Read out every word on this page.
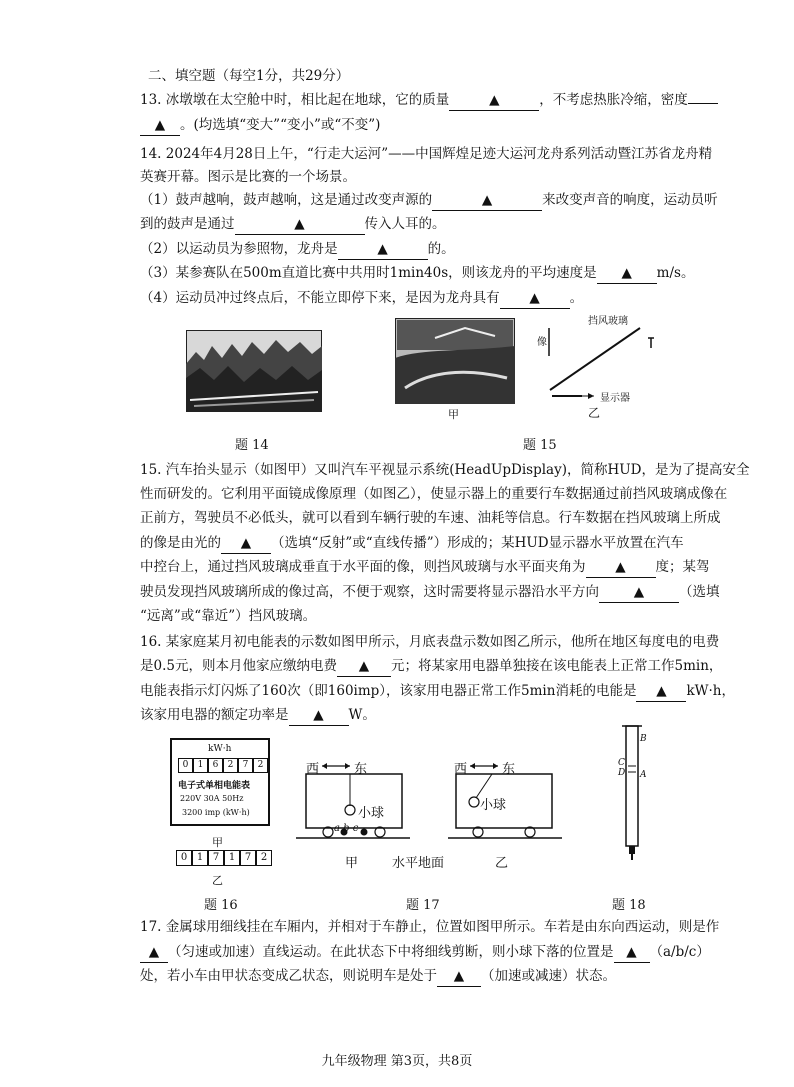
二、填空题（每空1分，共29分）
13. 冰墩墩在太空舱中时，相比起在地球，它的质量	▲	，不考虑热胀冷缩，密度
▲ 。(均选填“变大”“变小”或“不变”)
14. 2024年4月28日上午，“行走大运河”——中国辉煌足迹大运河龙舟系列活动暨江苏省龙舟精
英赛开幕。图示是比赛的一个场景。
（1）鼓声越响，鼓声越响，这是通过改变声源的	▲	来改变声音的响度，运动员听
到的鼓声是通过	▲	传入人耳的。
（2）以运动员为参照物，龙舟是	▲	的。
（3）某参赛队在500m直道比赛中共用时1min40s，则该龙舟的平均速度是 ▲ m/s。
（4）运动员冲过终点后，不能立即停下来，是因为龙舟具有 ▲ 。
题 14
甲
挡风玻璃
像
显示器
乙
题 15
15. 汽车抬头显示（如图甲）又叫汽车平视显示系统(HeadUpDisplay)，简称HUD，是为了提高安全
性而研发的。它利用平面镜成像原理（如图乙），使显示器上的重要行车数据通过前挡风玻璃成像在
正前方，驾驶员不必低头，就可以看到车辆行驶的车速、油耗等信息。行车数据在挡风玻璃上所成
的像是由光的 ▲ （选填“反射”或“直线传播”）形成的；某HUD显示器水平放置在汽车
中控台上，通过挡风玻璃成垂直于水平面的像，则挡风玻璃与水平面夹角为 ▲ 度；某驾
驶员发现挡风玻璃所成的像过高，不便于观察，这时需要将显示器沿水平方向	▲	（选填
“远离”或“靠近”）挡风玻璃。
16. 某家庭某月初电能表的示数如图甲所示，月底表盘示数如图乙所示，他所在地区每度电的电费
是0.5元，则本月他家应缴纳电费 ▲ 元；将某家用电器单独接在该电能表上正常工作5min，
电能表指示灯闪烁了160次（即160imp），该家用电器正常工作5min消耗的电能是 ▲ kW·h，
该家用电器的额定功率是 ▲ W。
kW·h
0	1	6	2	7	2
电子式单相电能表
220V 30A 50Hz
3200 imp (kW·h)
甲
0 1 7 1 7 2
乙
题 16
西	东
小球
a b c
西	东
小球
甲	水平地面	乙
题 17
B
C
D A
题 18
17. 金属球用细线挂在车厢内，并相对于车静止，位置如图甲所示。车若是由东向西运动，则是作
▲ （匀速或加速）直线运动。在此状态下中将细线剪断，则小球下落的位置是 ▲ （a/b/c）
处，若小车由甲状态变成乙状态，则说明车是处于 ▲ （加速或减速）状态。
九年级物理 第3页，共8页
